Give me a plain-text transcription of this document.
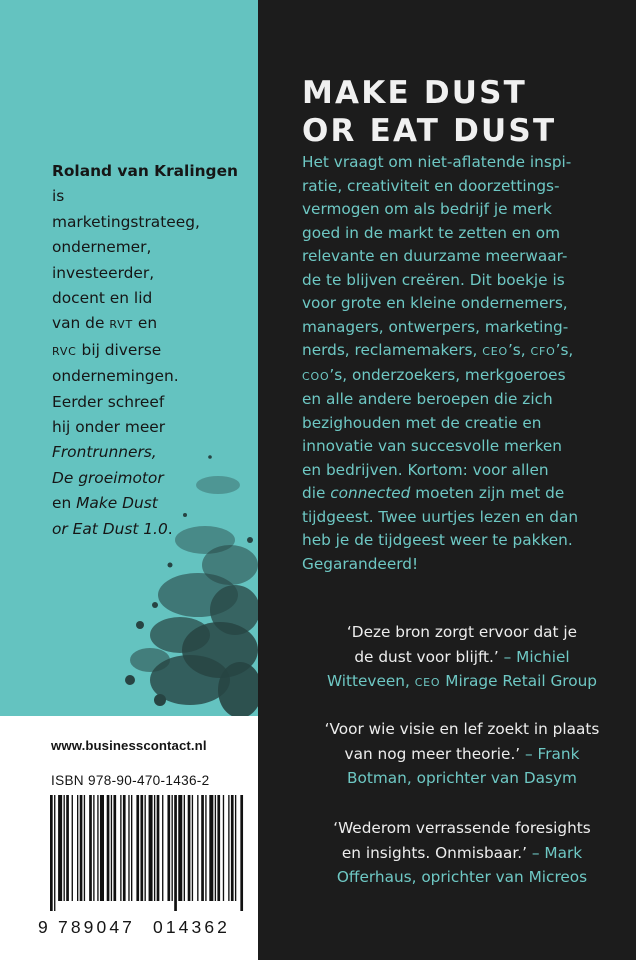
Roland van Kralingen is
marketingstrateeg,
ondernemer,
investeerder,
docent en lid
van de RVT en
RVC bij diverse
ondernemingen.
Eerder schreef
hij onder meer
Frontrunners,
De groeimotor
en Make Dust
or Eat Dust 1.0.

www.businesscontact.nl
ISBN 978-90-470-1436-2
9 789047 014362
MAKE DUST
OR EAT DUST
Het vraagt om niet-aflatende inspi-
ratie, creativiteit en doorzettings-
vermogen om als bedrijf je merk
goed in de markt te zetten en om
relevante en duurzame meerwaar-
de te blijven creëren. Dit boekje is
voor grote en kleine ondernemers,
managers, ontwerpers, marketing-
nerds, reclamemakers, CEO’s, CFO’s,
COO’s, onderzoekers, merkgoeroes
en alle andere beroepen die zich
bezighouden met de creatie en
innovatie van succesvolle merken
en bedrijven. Kortom: voor allen
die connected moeten zijn met de
tijdgeest. Twee uurtjes lezen en dan
heb je de tijdgeest weer te pakken.
Gegarandeerd!
‘Deze bron zorgt ervoor dat je
de dust voor blijft.’ – Michiel
Witteveen, CEO Mirage Retail Group
‘Voor wie visie en lef zoekt in plaats
van nog meer theorie.’ – Frank
Botman, oprichter van Dasym
‘Wederom verrassende foresights
en insights. Onmisbaar.’ – Mark
Offerhaus, oprichter van Micreos
